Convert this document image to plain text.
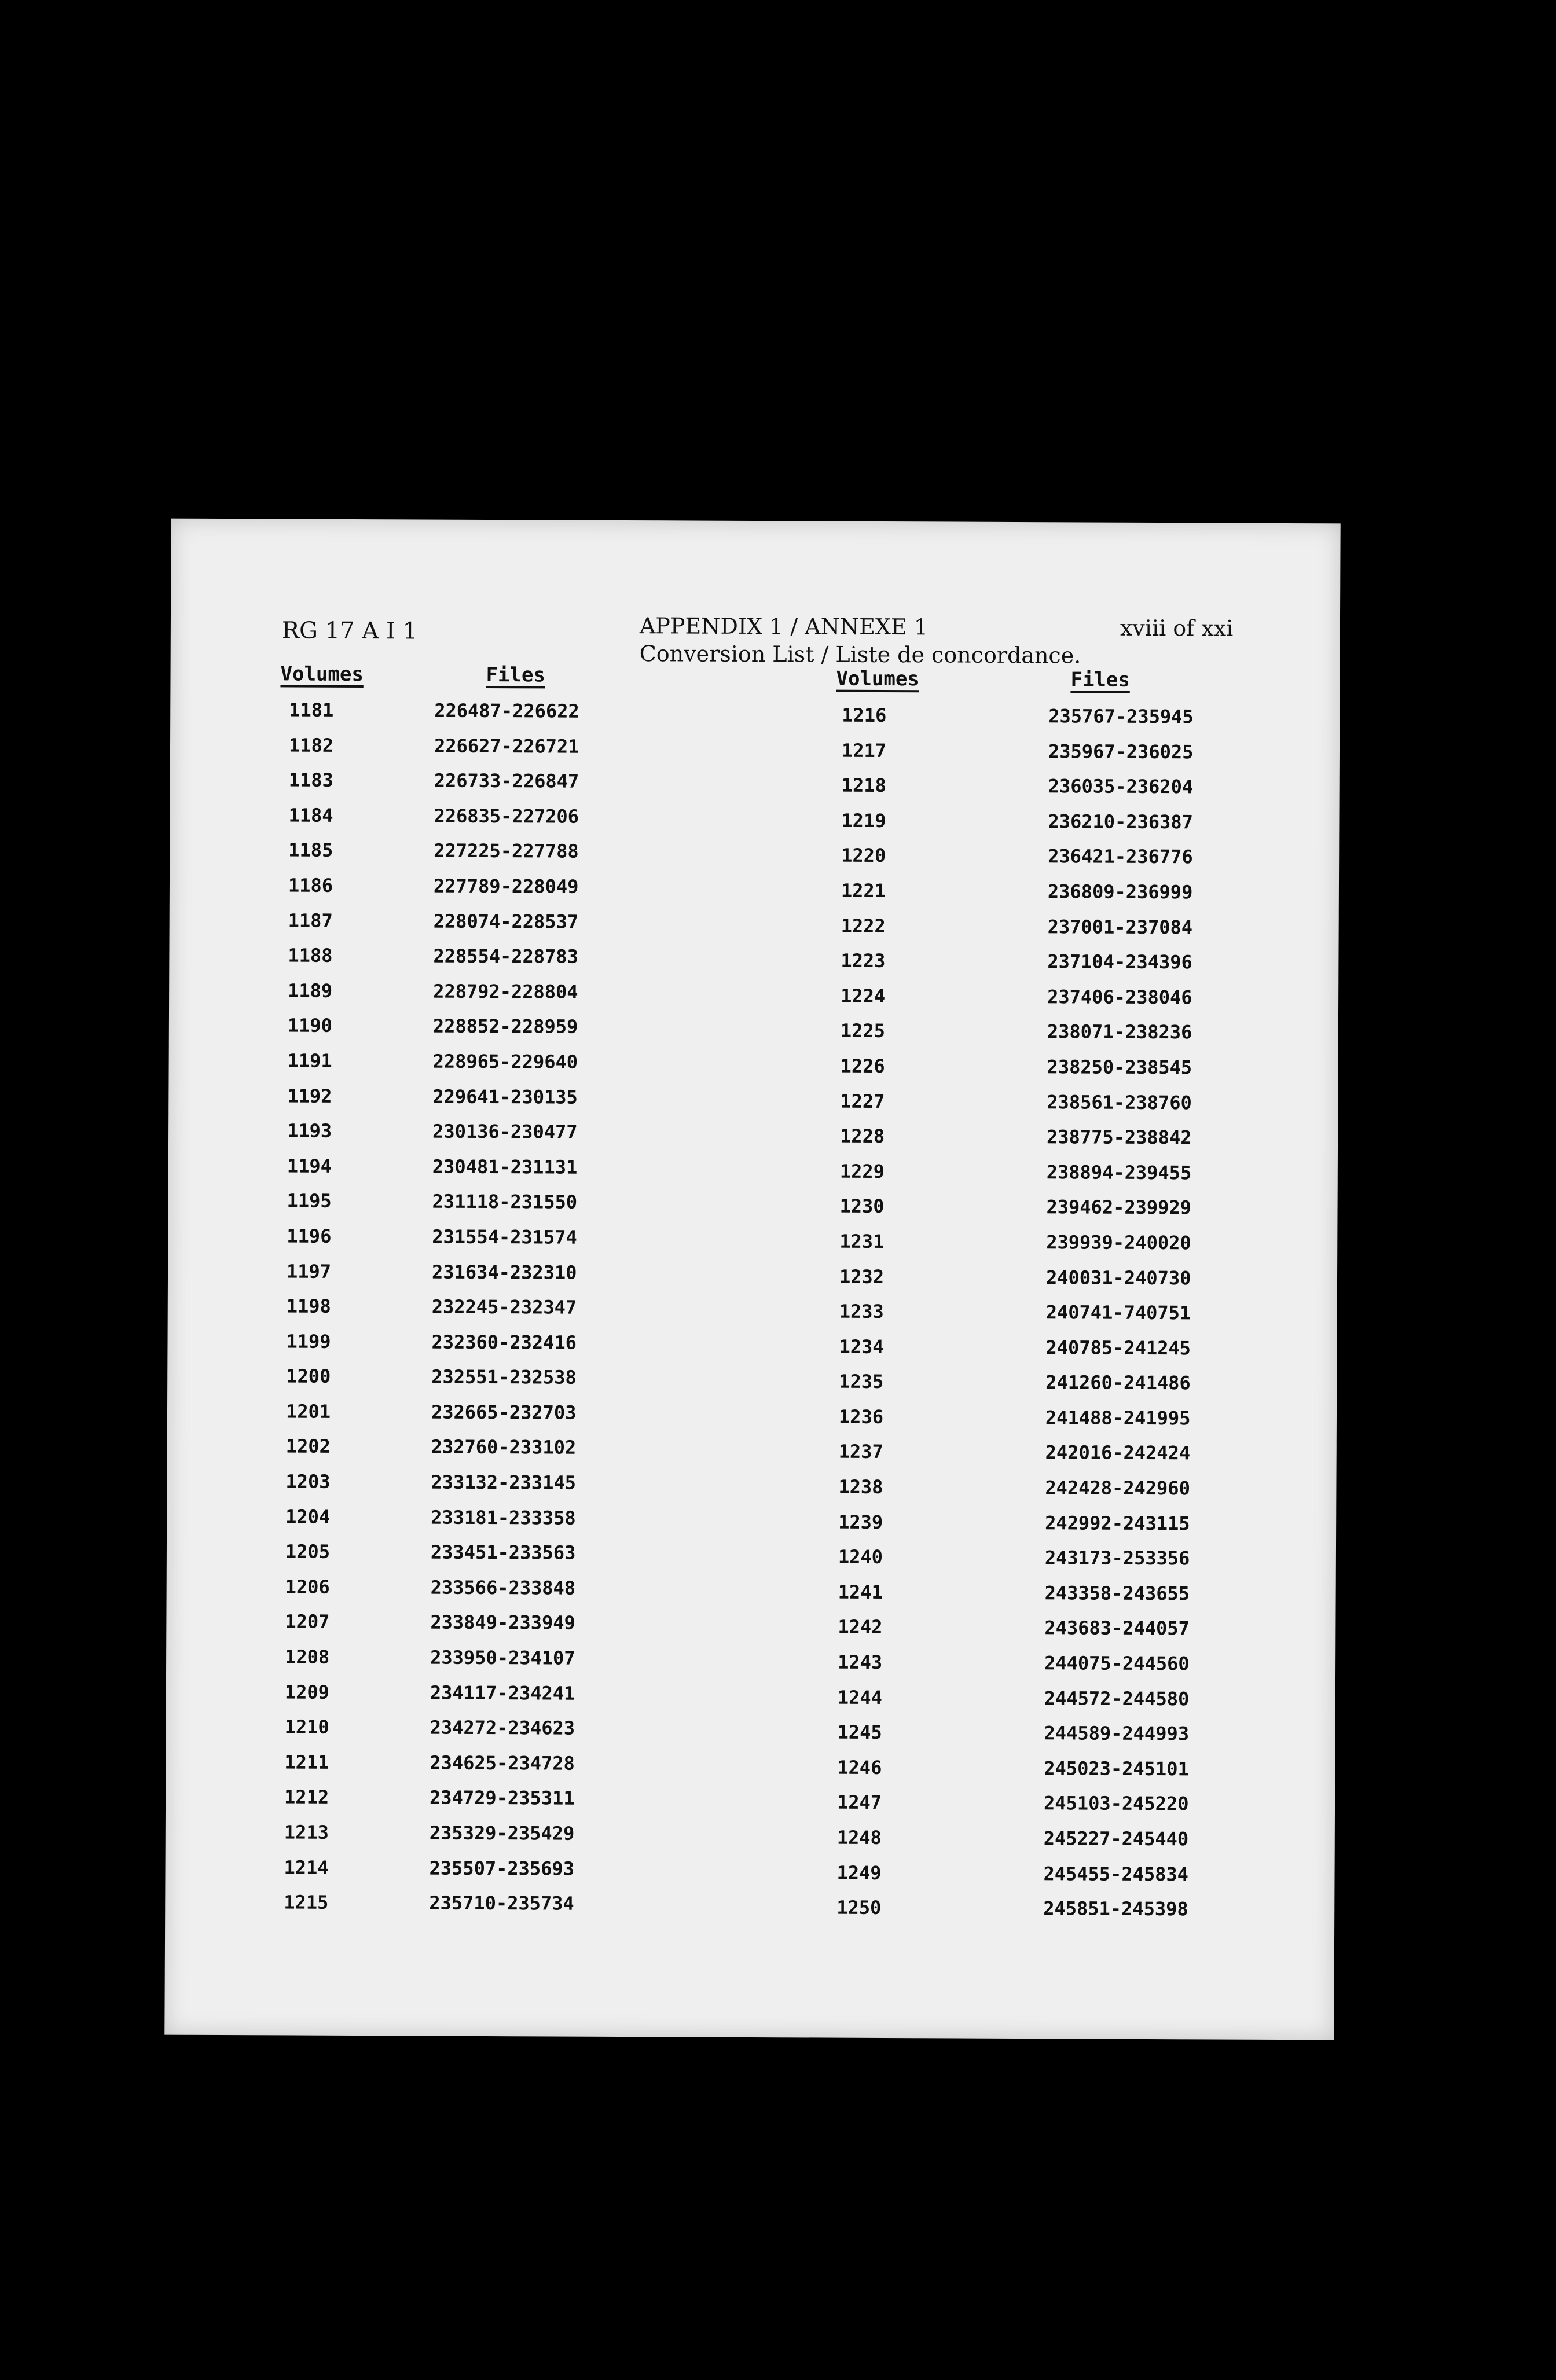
RG 17 A I 1	APPENDIX 1 / ANNEXE 1
Conversion List / Liste de concordance.
xviii of xxi
Volumes	Files	Volumes	Files
1181	226487-226622
1182	226627-226721
1183	226733-226847
1184	226835-227206
1185	227225-227788
1186	227789-228049
1187	228074-228537
1188	228554-228783
1189	228792-228804
1190	228852-228959
1191	228965-229640
1192	229641-230135
1193	230136-230477
1194	230481-231131
1195	231118-231550
1196	231554-231574
1197	231634-232310
1198	232245-232347
1199	232360-232416
1200	232551-232538
1201	232665-232703
1202	232760-233102
1203	233132-233145
1204	233181-233358
1205	233451-233563
1206	233566-233848
1207	233849-233949
1208	233950-234107
1209	234117-234241
1210	234272-234623
1211	234625-234728
1212	234729-235311
1213	235329-235429
1214	235507-235693
1215	235710-235734
1216	235767-235945
1217	235967-236025
1218	236035-236204
1219	236210-236387
1220	236421-236776
1221	236809-236999
1222	237001-237084
1223	237104-234396
1224	237406-238046
1225	238071-238236
1226	238250-238545
1227	238561-238760
1228	238775-238842
1229	238894-239455
1230	239462-239929
1231	239939-240020
1232	240031-240730
1233	240741-740751
1234	240785-241245
1235	241260-241486
1236	241488-241995
1237	242016-242424
1238	242428-242960
1239	242992-243115
1240	243173-253356
1241	243358-243655
1242	243683-244057
1243	244075-244560
1244	244572-244580
1245	244589-244993
1246	245023-245101
1247	245103-245220
1248	245227-245440
1249	245455-245834
1250	245851-245398
